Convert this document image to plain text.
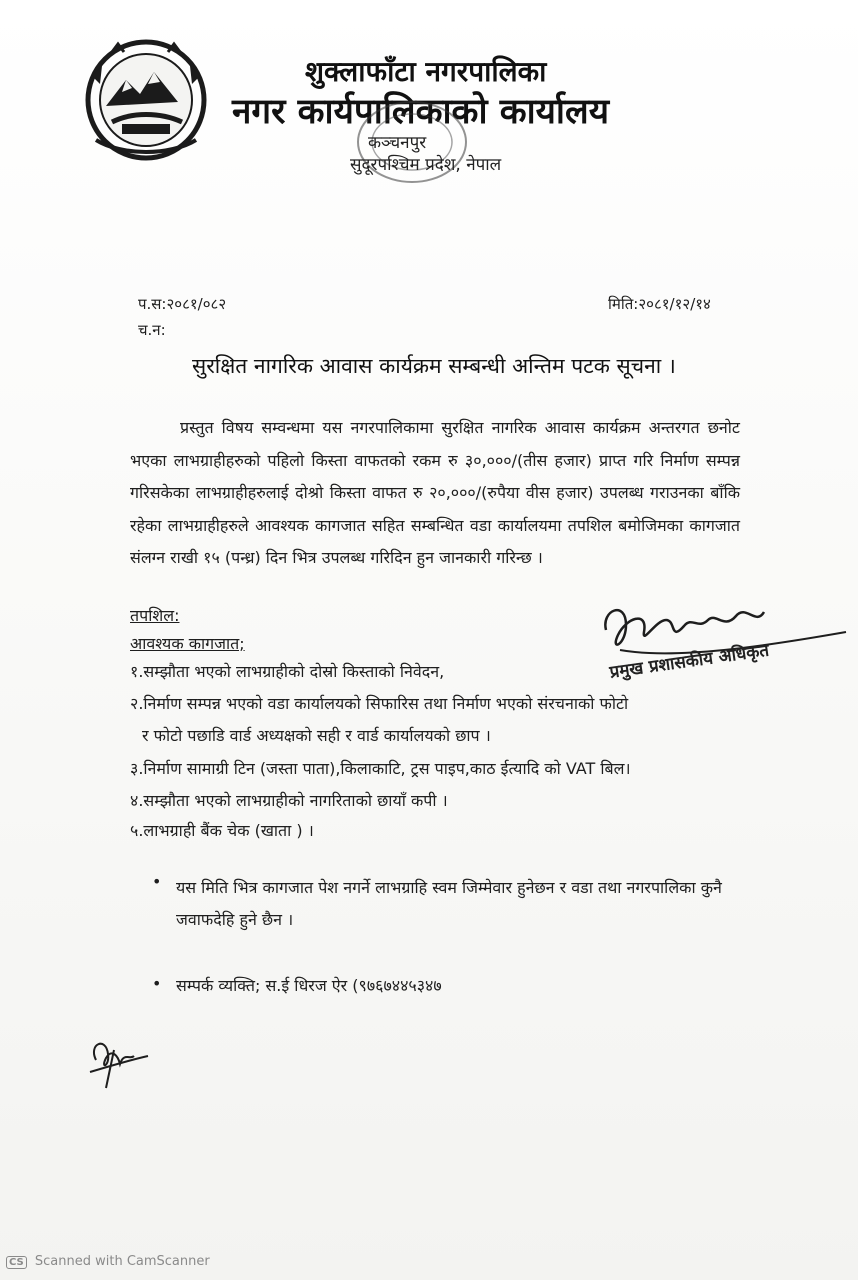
शुक्लाफाँटा नगरपालिका
नगर कार्यपालिकाको कार्यालय
कञ्चनपुर
सुदूरपश्चिम प्रदेश, नेपाल
प.स:२०८१/०८२
च.न:
मिति:२०८१/१२/१४
सुरक्षित नागरिक आवास कार्यक्रम सम्बन्धी अन्तिम पटक सूचना ।
प्रस्तुत विषय सम्वन्धमा यस नगरपालिकामा सुरक्षित नागरिक आवास कार्यक्रम अन्तरगत छनोट भएका लाभग्राहीहरुको पहिलो किस्ता वाफतको रकम रु ३०,०००/(तीस हजार) प्राप्त गरि निर्माण सम्पन्न गरिसकेका लाभग्राहीहरुलाई दोश्रो किस्ता वाफत रु २०,०००/(रुपैया वीस हजार) उपलब्ध गराउनका बाँकि रहेका लाभग्राहीहरुले आवश्यक कागजात सहित सम्बन्धित वडा कार्यालयमा तपशिल बमोजिमका कागजात संलग्न राखी १५ (पन्ध्र) दिन भित्र उपलब्ध गरिदिन हुन जानकारी गरिन्छ ।
तपशिल:
आवश्यक कागजात;
१.सम्झौता भएको लाभग्राहीको दोस्रो किस्ताको निवेदन,
२.निर्माण सम्पन्न भएको वडा कार्यालयको सिफारिस तथा निर्माण भएको संरचनाको फोटो
र फोटो पछाडि वार्ड अध्यक्षको सही र वार्ड कार्यालयको छाप ।
३.निर्माण सामाग्री टिन (जस्ता पाता),किलाकाटि, ट्रस पाइप,काठ ईत्यादि को VAT बिल।
४.सम्झौता भएको लाभग्राहीको नागरिताको छायाँ कपी ।
५.लाभग्राही बैंक चेक (खाता ) ।
प्रमुख प्रशासकीय अधिकृत
• यस मिति भित्र कागजात पेश नगर्ने लाभग्राहि स्वम जिम्मेवार हुनेछन र वडा तथा नगरपालिका कुनै जवाफदेहि हुने छैन ।
• सम्पर्क व्यक्ति; स.ई धिरज ऐर (९७६७४४५३४७
CS Scanned with CamScanner
